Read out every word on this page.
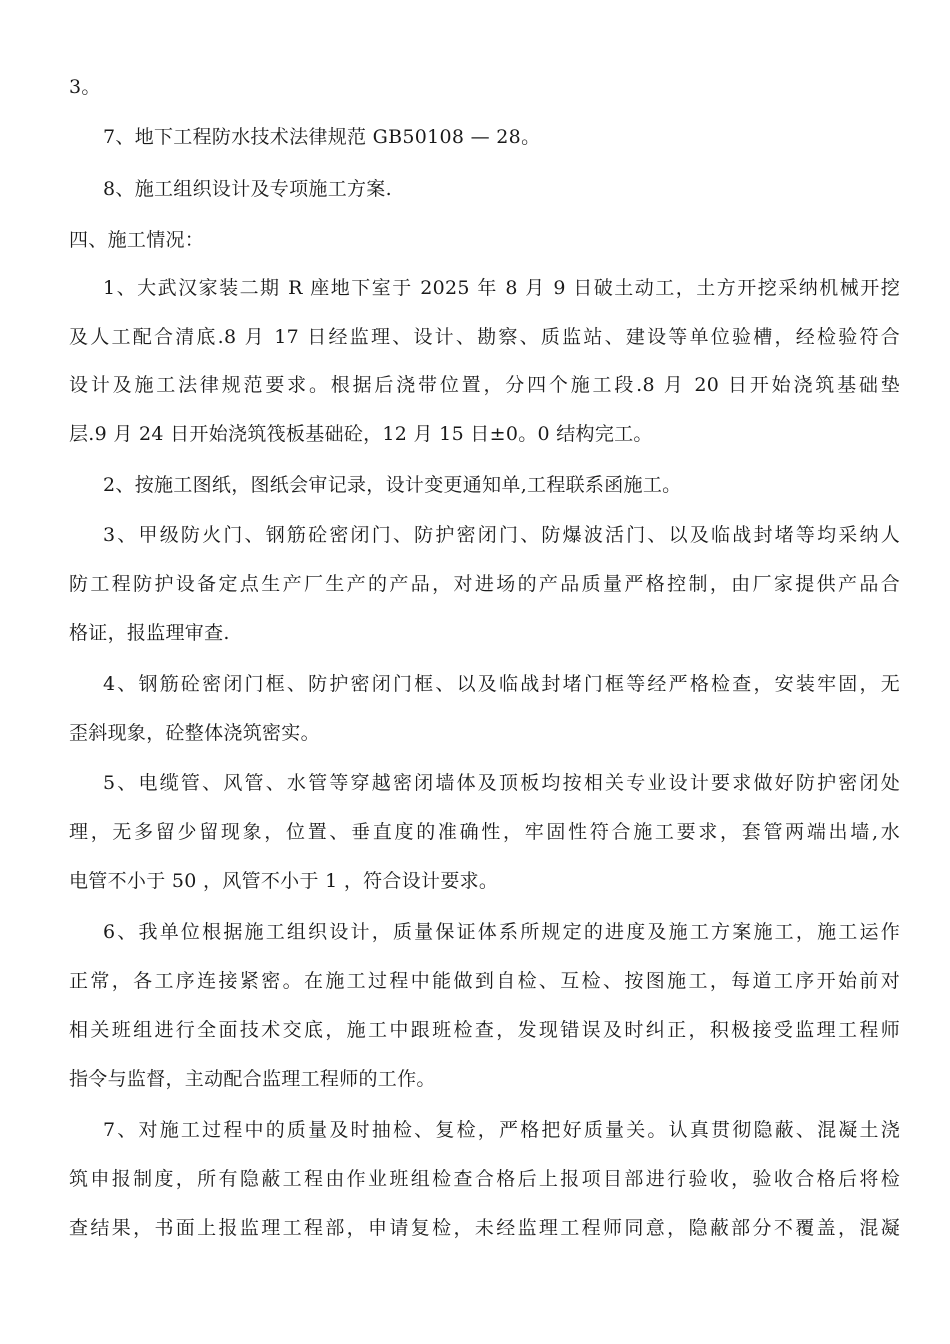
3。
7、地下工程防水技术法律规范 GB50108 — 28。
8、施工组织设计及专项施工方案.
四、施工情况：
1、大武汉家装二期 R 座地下室于 2025 年 8 月 9 日破土动工，土方开挖采纳机械开挖
及人工配合清底.8 月 17 日经监理、设计、勘察、质监站、建设等单位验槽，经检验符合
设计及施工法律规范要求。根据后浇带位置，分四个施工段.8 月 20 日开始浇筑基础垫
层.9 月 24 日开始浇筑筏板基础砼，12 月 15 日±0。0 结构完工。
2、按施工图纸，图纸会审记录，设计变更通知单,工程联系函施工。
3、甲级防火门、钢筋砼密闭门、防护密闭门、防爆波活门、以及临战封堵等均采纳人
防工程防护设备定点生产厂生产的产品，对进场的产品质量严格控制，由厂家提供产品合
格证，报监理审查.
4、钢筋砼密闭门框、防护密闭门框、以及临战封堵门框等经严格检查，安装牢固，无
歪斜现象，砼整体浇筑密实。
5、电缆管、风管、水管等穿越密闭墙体及顶板均按相关专业设计要求做好防护密闭处
理，无多留少留现象，位置、垂直度的准确性，牢固性符合施工要求，套管两端出墙,水
电管不小于 50 ，风管不小于 1 ，符合设计要求。
6、我单位根据施工组织设计，质量保证体系所规定的进度及施工方案施工，施工运作
正常，各工序连接紧密。在施工过程中能做到自检、互检、按图施工，每道工序开始前对
相关班组进行全面技术交底，施工中跟班检查，发现错误及时纠正，积极接受监理工程师
指令与监督，主动配合监理工程师的工作。
7、对施工过程中的质量及时抽检、复检，严格把好质量关。认真贯彻隐蔽、混凝土浇
筑申报制度，所有隐蔽工程由作业班组检查合格后上报项目部进行验收，验收合格后将检
查结果，书面上报监理工程部，申请复检，未经监理工程师同意，隐蔽部分不覆盖，混凝
